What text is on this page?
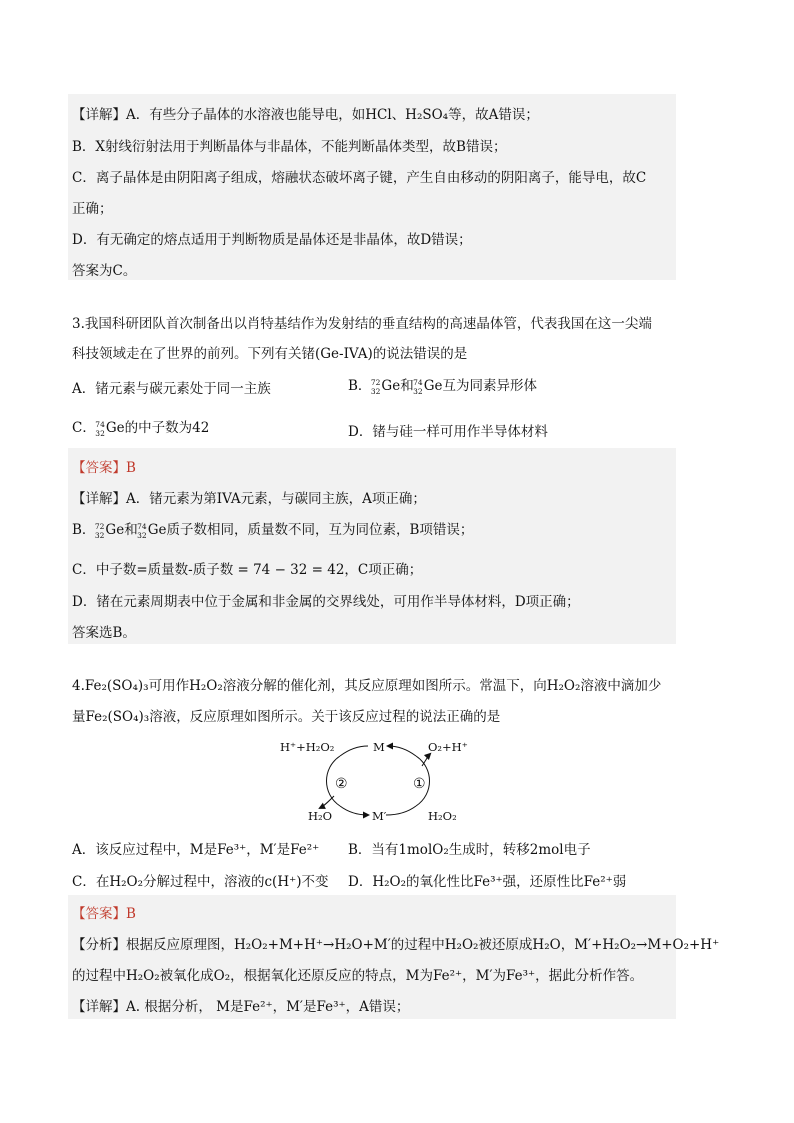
【详解】A．有些分子晶体的水溶液也能导电，如HCl、H₂SO₄等，故A错误；
B．X射线衍射法用于判断晶体与非晶体，不能判断晶体类型，故B错误；
C．离子晶体是由阴阳离子组成，熔融状态破坏离子键，产生自由移动的阴阳离子，能导电，故C
正确；
D．有无确定的熔点适用于判断物质是晶体还是非晶体，故D错误；
答案为C。
3.我国科研团队首次制备出以肖特基结作为发射结的垂直结构的高速晶体管，代表我国在这一尖端
科技领域走在了世界的前列。下列有关锗(Ge-IVA)的说法错误的是
A．锗元素与碳元素处于同一主族	B． 72
32 Ge和 74
32 Ge互为同素异形体
C． 74
32 Ge的中子数为42	D．锗与硅一样可用作半导体材料
【答案】B
【详解】A．锗元素为第IVA元素，与碳同主族，A项正确；
B． 72
32 Ge和 74
32 Ge质子数相同，质量数不同，互为同位素，B项错误；
C．中子数=质量数-质子数 = 74 − 32 = 42，C项正确；
D．锗在元素周期表中位于金属和非金属的交界线处，可用作半导体材料，D项正确；
答案选B。
4.Fe₂(SO₄)₃可用作H₂O₂溶液分解的催化剂，其反应原理如图所示。常温下，向H₂O₂溶液中滴加少
量Fe₂(SO₄)₃溶液，反应原理如图所示。关于该反应过程的说法正确的是
H⁺+H₂O₂	M	O₂+H⁺
H₂O	M′	H₂O₂
②	①
A．该反应过程中，M是Fe³⁺，M′是Fe²⁺ B．当有1molO₂生成时，转移2mol电子
C．在H₂O₂分解过程中，溶液的c(H⁺)不变 D．H₂O₂的氧化性比Fe³⁺强，还原性比Fe²⁺弱
【答案】B
【分析】根据反应原理图，H₂O₂+M+H⁺→H₂O+M′的过程中H₂O₂被还原成H₂O，M′+H₂O₂→M+O₂+H⁺
的过程中H₂O₂被氧化成O₂，根据氧化还原反应的特点，M为Fe²⁺，M′为Fe³⁺，据此分析作答。
【详解】A. 根据分析， M是Fe²⁺，M′是Fe³⁺，A错误；
